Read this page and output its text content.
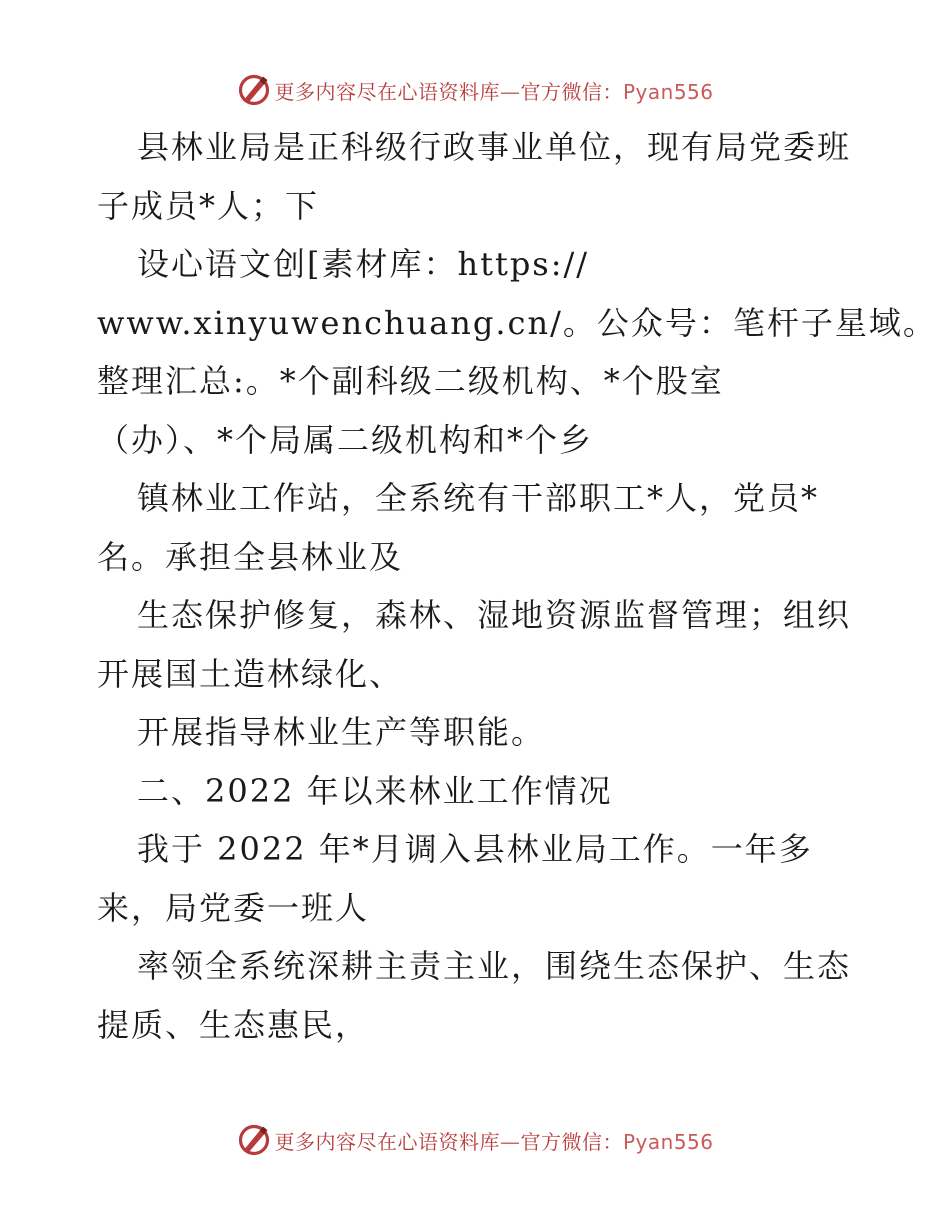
更多内容尽在心语资料库—官方微信：Pyan556
县林业局是正科级行政事业单位，现有局党委班
子成员*人；下
设心语文创[素材库：https://
www.xinyuwenchuang.cn/。公众号：笔杆子星域。
整理汇总:。*个副科级二级机构、*个股室
（办）、*个局属二级机构和*个乡
镇林业工作站，全系统有干部职工*人，党员*
名。承担全县林业及
生态保护修复，森林、湿地资源监督管理；组织
开展国土造林绿化、
开展指导林业生产等职能。
二、2022 年以来林业工作情况
我于 2022 年*月调入县林业局工作。一年多
来，局党委一班人
率领全系统深耕主责主业，围绕生态保护、生态
提质、生态惠民，
更多内容尽在心语资料库—官方微信：Pyan556
